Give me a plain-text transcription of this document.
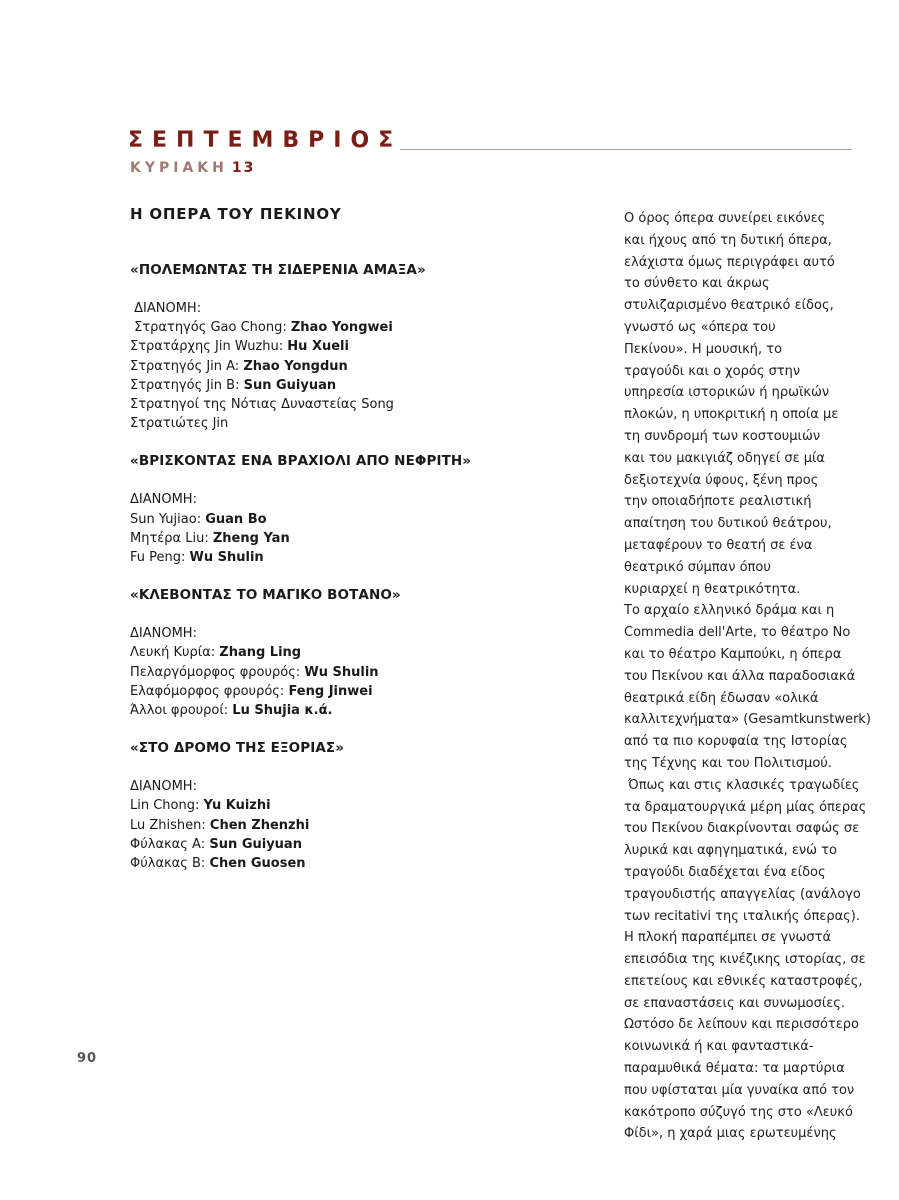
ΣΕΠΤΕΜΒΡΙΟΣ
ΚΥΡΙΑΚΗ 13
Η ΟΠΕΡΑ ΤΟΥ ΠΕΚΙΝΟΥ
«ΠΟΛΕΜΩΝΤΑΣ ΤΗ ΣΙΔΕΡΕΝΙΑ ΑΜΑΞΑ»
ΔΙΑΝΟΜΗ:
Στρατηγός Gao Chong: Zhao Yongwei
Στρατάρχης Jin Wuzhu: Hu Xueli
Στρατηγός Jin A: Zhao Yongdun
Στρατηγός Jin B: Sun Guiyuan
Στρατηγοί της Νότιας Δυναστείας Song
Στρατιώτες Jin
«ΒΡΙΣΚΟΝΤΑΣ ΕΝΑ ΒΡΑΧΙΟΛΙ ΑΠΟ ΝΕΦΡΙΤΗ»
ΔΙΑΝΟΜΗ:
Sun Yujiao: Guan Bo
Μητέρα Liu: Zheng Yan
Fu Peng: Wu Shulin
«ΚΛΕΒΟΝΤΑΣ ΤΟ ΜΑΓΙΚΟ ΒΟΤΑΝΟ»
ΔΙΑΝΟΜΗ:
Λευκή Κυρία: Zhang Ling
Πελαργόμορφος φρουρός: Wu Shulin
Ελαφόμορφος φρουρός: Feng Jinwei
Άλλοι φρουροί: Lu Shujia κ.ά.
«ΣΤΟ ΔΡΟΜΟ ΤΗΣ ΕΞΟΡΙΑΣ»
ΔΙΑΝΟΜΗ:
Lin Chong: Yu Kuizhi
Lu Zhishen: Chen Zhenzhi
Φύλακας Α: Sun Guiyuan
Φύλακας Β: Chen Guosen
Ο όρος όπερα συνείρει εικόνες
και ήχους από τη δυτική όπερα,
ελάχιστα όμως περιγράφει αυτό
το σύνθετο και άκρως
στυλιζαρισμένο θεατρικό είδος,
γνωστό ως «όπερα του
Πεκίνου». Η μουσική, το
τραγούδι και ο χορός στην
υπηρεσία ιστορικών ή ηρωϊκών
πλοκών, η υποκριτική η οποία με
τη συνδρομή των κοστουμιών
και του μακιγιάζ οδηγεί σε μία
δεξιοτεχνία ύφους, ξένη προς
την οποιαδήποτε ρεαλιστική
απαίτηση του δυτικού θεάτρου,
μεταφέρουν το θεατή σε ένα
θεατρικό σύμπαν όπου
κυριαρχεί η θεατρικότητα.
Το αρχαίο ελληνικό δράμα και η
Commedia dell'Arte, το θέατρο Νο
και το θέατρο Καμπούκι, η όπερα
του Πεκίνου και άλλα παραδοσιακά
θεατρικά είδη έδωσαν «ολικά
καλλιτεχνήματα» (Gesamtkunstwerk)
από τα πιο κορυφαία της Ιστορίας
της Τέχνης και του Πολιτισμού.
Όπως και στις κλασικές τραγωδίες
τα δραματουργικά μέρη μίας όπερας
του Πεκίνου διακρίνονται σαφώς σε
λυρικά και αφηγηματικά, ενώ το
τραγούδι διαδέχεται ένα είδος
τραγουδιστής απαγγελίας (ανάλογο
των recitativi της ιταλικής όπερας).
Η πλοκή παραπέμπει σε γνωστά
επεισόδια της κινέζικης ιστορίας, σε
επετείους και εθνικές καταστροφές,
σε επαναστάσεις και συνωμοσίες.
Ωστόσο δε λείπουν και περισσότερο
κοινωνικά ή και φανταστικά-
παραμυθικά θέματα: τα μαρτύρια
που υφίσταται μία γυναίκα από τον
κακότροπο σύζυγό της στο «Λευκό
Φίδι», η χαρά μιας ερωτευμένης
90
